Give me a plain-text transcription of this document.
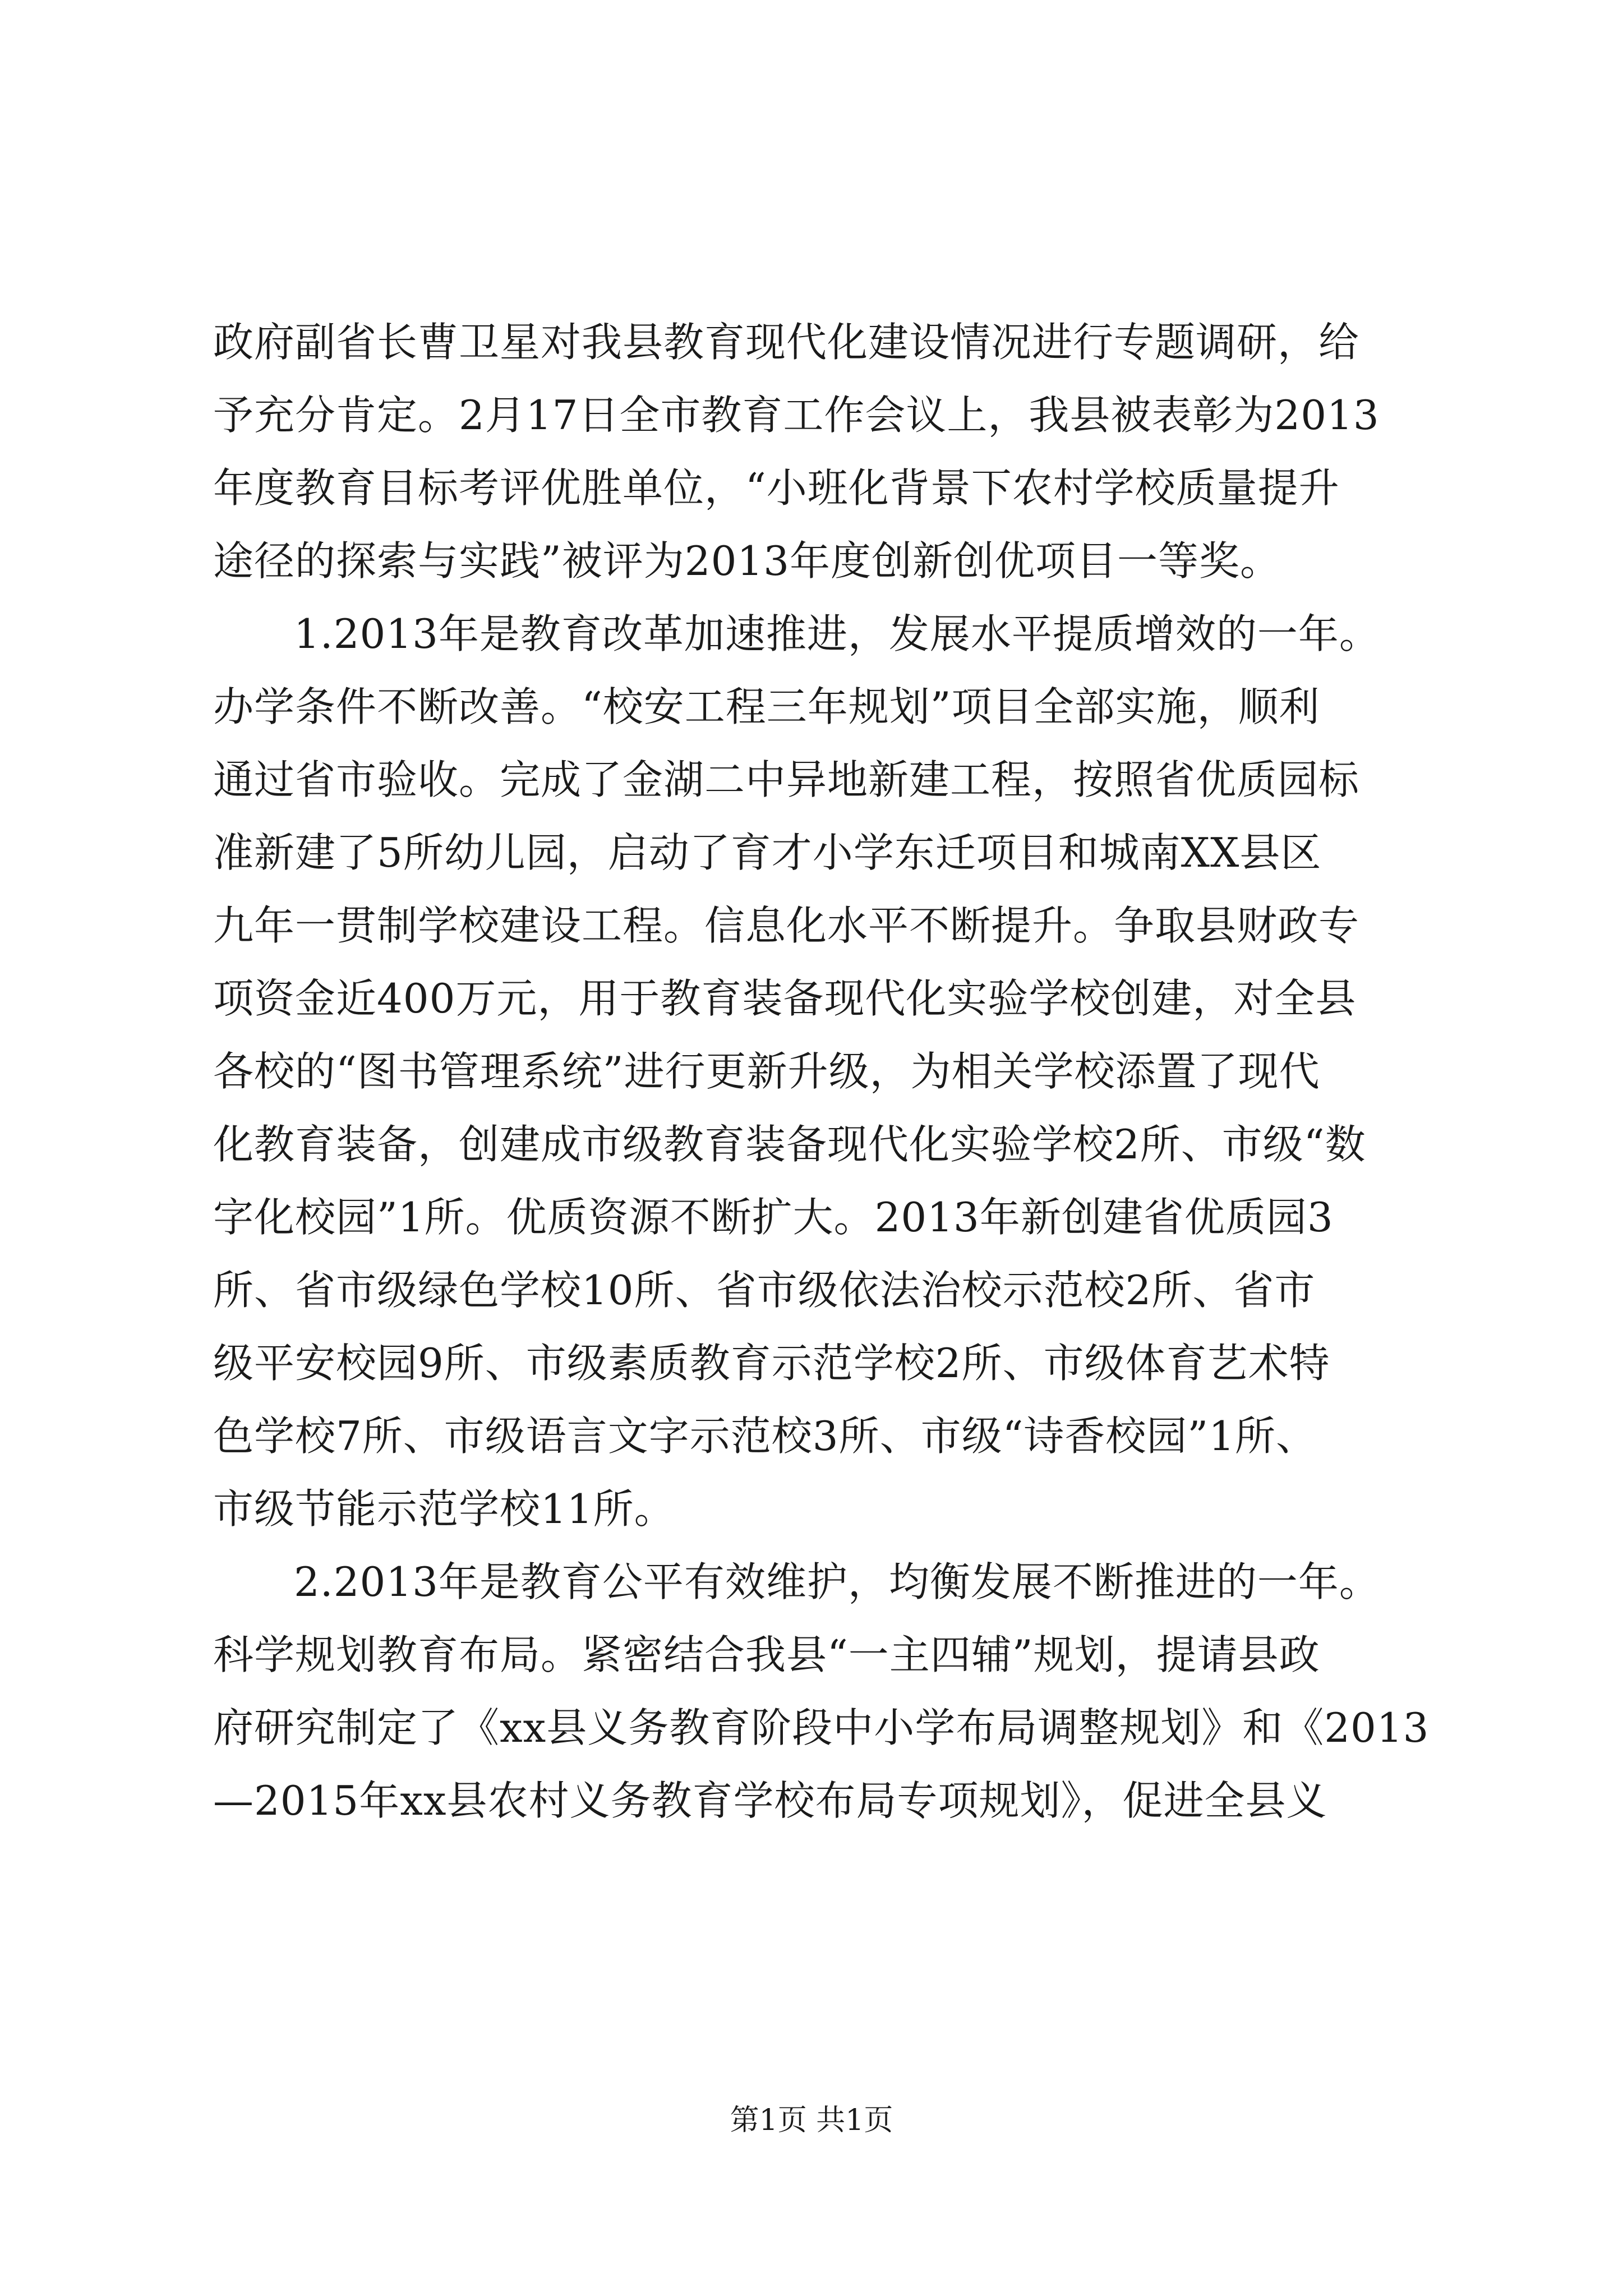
政府副省长曹卫星对我县教育现代化建设情况进行专题调研，给
予充分肯定。2月17日全市教育工作会议上，我县被表彰为2013
年度教育目标考评优胜单位，“小班化背景下农村学校质量提升
途径的探索与实践”被评为2013年度创新创优项目一等奖。
1.2013年是教育改革加速推进，发展水平提质增效的一年。
办学条件不断改善。“校安工程三年规划”项目全部实施，顺利
通过省市验收。完成了金湖二中异地新建工程，按照省优质园标
准新建了5所幼儿园，启动了育才小学东迁项目和城南XX县区
九年一贯制学校建设工程。信息化水平不断提升。争取县财政专
项资金近400万元，用于教育装备现代化实验学校创建，对全县
各校的“图书管理系统”进行更新升级，为相关学校添置了现代
化教育装备，创建成市级教育装备现代化实验学校2所、市级“数
字化校园”1所。优质资源不断扩大。2013年新创建省优质园3
所、省市级绿色学校10所、省市级依法治校示范校2所、省市
级平安校园9所、市级素质教育示范学校2所、市级体育艺术特
色学校7所、市级语言文字示范校3所、市级“诗香校园”1所、
市级节能示范学校11所。
2.2013年是教育公平有效维护，均衡发展不断推进的一年。
科学规划教育布局。紧密结合我县“一主四辅”规划，提请县政
府研究制定了《xx县义务教育阶段中小学布局调整规划》和《2013
—2015年xx县农村义务教育学校布局专项规划》，促进全县义
第1页 共1页
